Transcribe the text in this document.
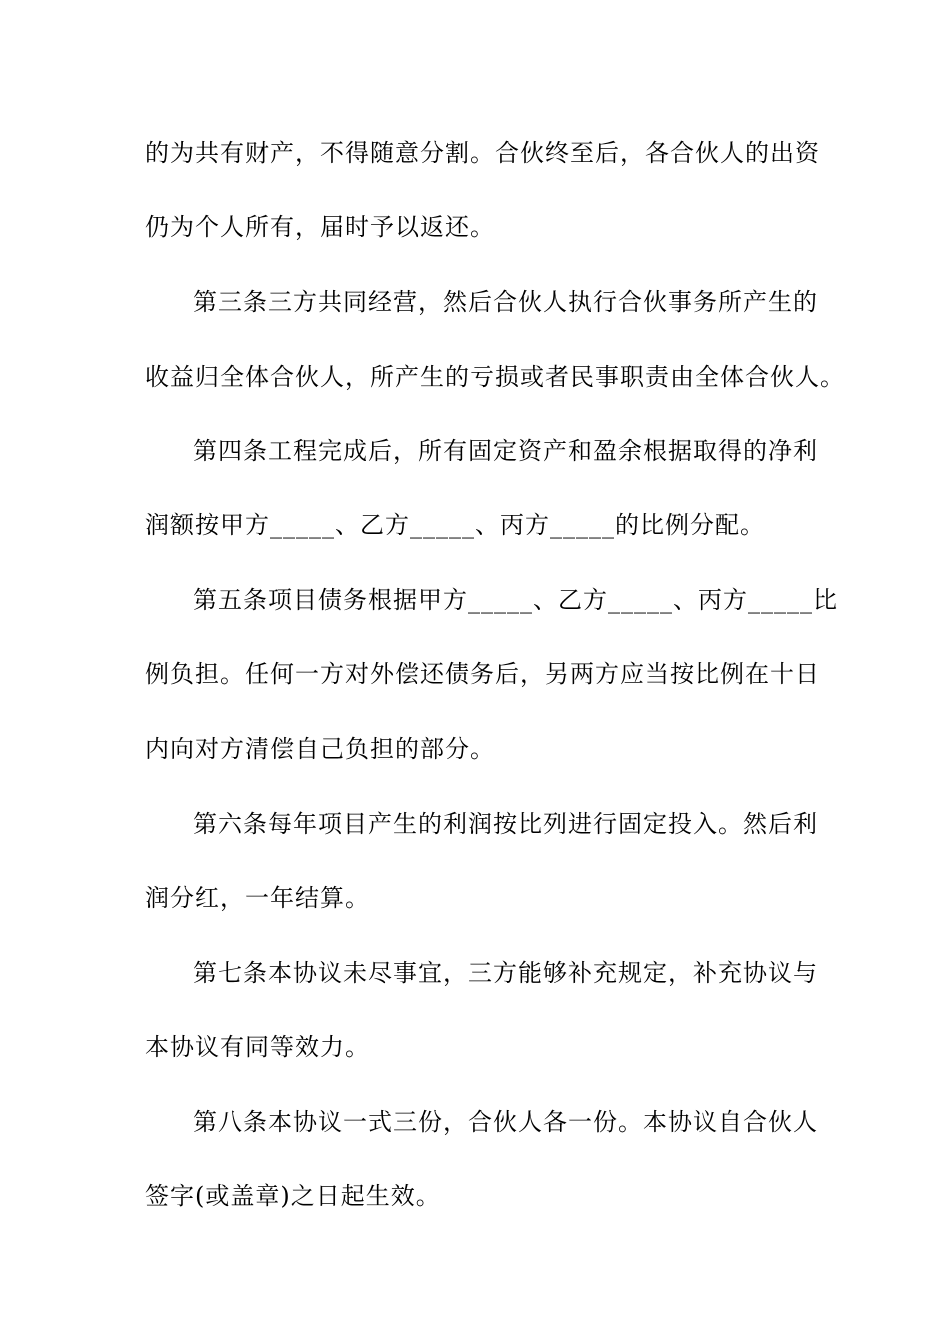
的为共有财产，不得随意分割。合伙终至后，各合伙人的出资
仍为个人所有，届时予以返还。
第三条三方共同经营，然后合伙人执行合伙事务所产生的
收益归全体合伙人，所产生的亏损或者民事职责由全体合伙人。
第四条工程完成后，所有固定资产和盈余根据取得的净利
润额按甲方_____、乙方_____、丙方_____的比例分配。
第五条项目债务根据甲方_____、乙方_____、丙方_____比
例负担。任何一方对外偿还债务后，另两方应当按比例在十日
内向对方清偿自己负担的部分。
第六条每年项目产生的利润按比列进行固定投入。然后利
润分红，一年结算。
第七条本协议未尽事宜，三方能够补充规定，补充协议与
本协议有同等效力。
第八条本协议一式三份，合伙人各一份。本协议自合伙人
签字(或盖章)之日起生效。
